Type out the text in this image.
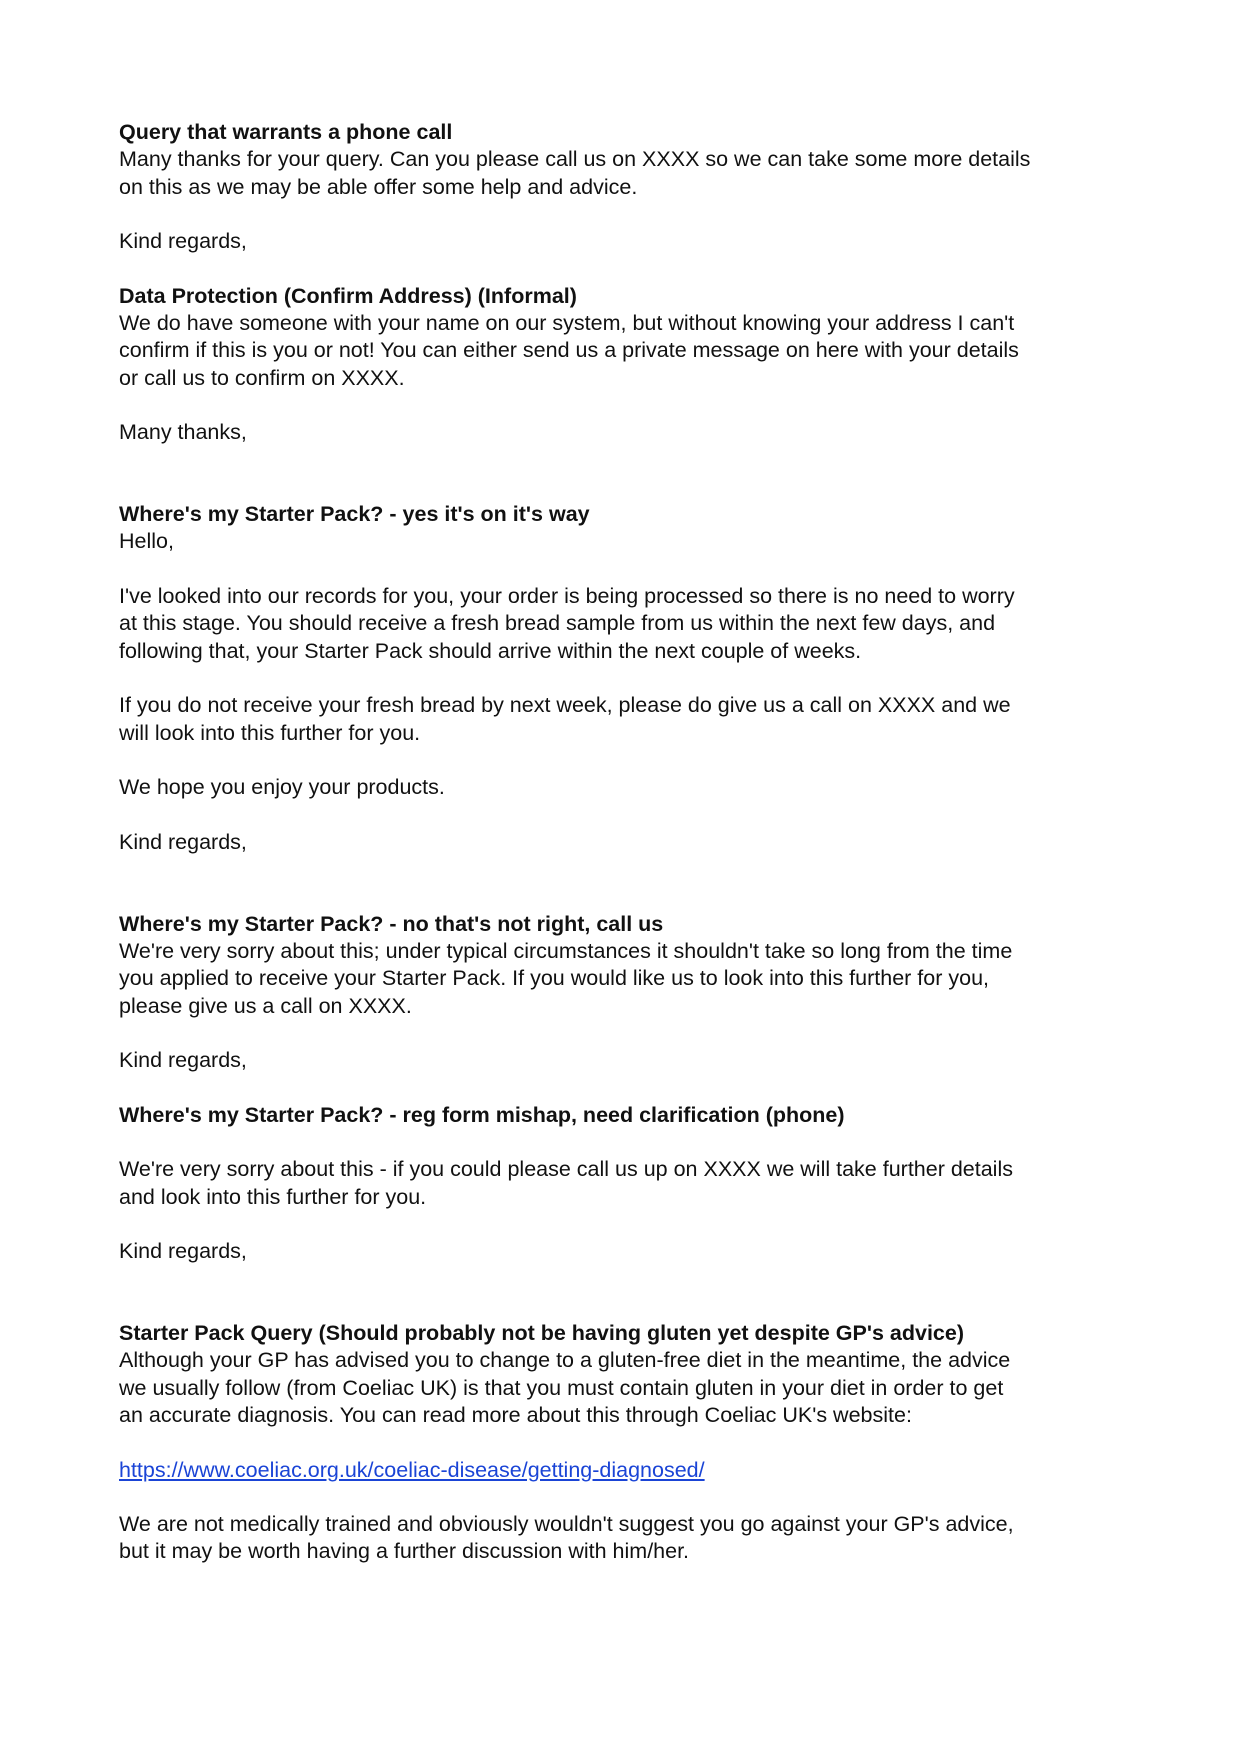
Query that warrants a phone call
Many thanks for your query. Can you please call us on XXXX so we can take some more details
on this as we may be able offer some help and advice.
Kind regards,
Data Protection (Confirm Address) (Informal)
We do have someone with your name on our system, but without knowing your address I can't
confirm if this is you or not! You can either send us a private message on here with your details
or call us to confirm on XXXX.
Many thanks,
Where's my Starter Pack? - yes it's on it's way
Hello,
I've looked into our records for you, your order is being processed so there is no need to worry
at this stage. You should receive a fresh bread sample from us within the next few days, and
following that, your Starter Pack should arrive within the next couple of weeks.
If you do not receive your fresh bread by next week, please do give us a call on XXXX and we
will look into this further for you.
We hope you enjoy your products.
Kind regards,
Where's my Starter Pack? - no that's not right, call us
We're very sorry about this; under typical circumstances it shouldn't take so long from the time
you applied to receive your Starter Pack. If you would like us to look into this further for you,
please give us a call on XXXX.
Kind regards,
Where's my Starter Pack? - reg form mishap, need clarification (phone)
We're very sorry about this - if you could please call us up on XXXX we will take further details
and look into this further for you.
Kind regards,
Starter Pack Query (Should probably not be having gluten yet despite GP's advice)
Although your GP has advised you to change to a gluten-free diet in the meantime, the advice
we usually follow (from Coeliac UK) is that you must contain gluten in your diet in order to get
an accurate diagnosis. You can read more about this through Coeliac UK's website:
https://www.coeliac.org.uk/coeliac-disease/getting-diagnosed/
We are not medically trained and obviously wouldn't suggest you go against your GP's advice,
but it may be worth having a further discussion with him/her.
